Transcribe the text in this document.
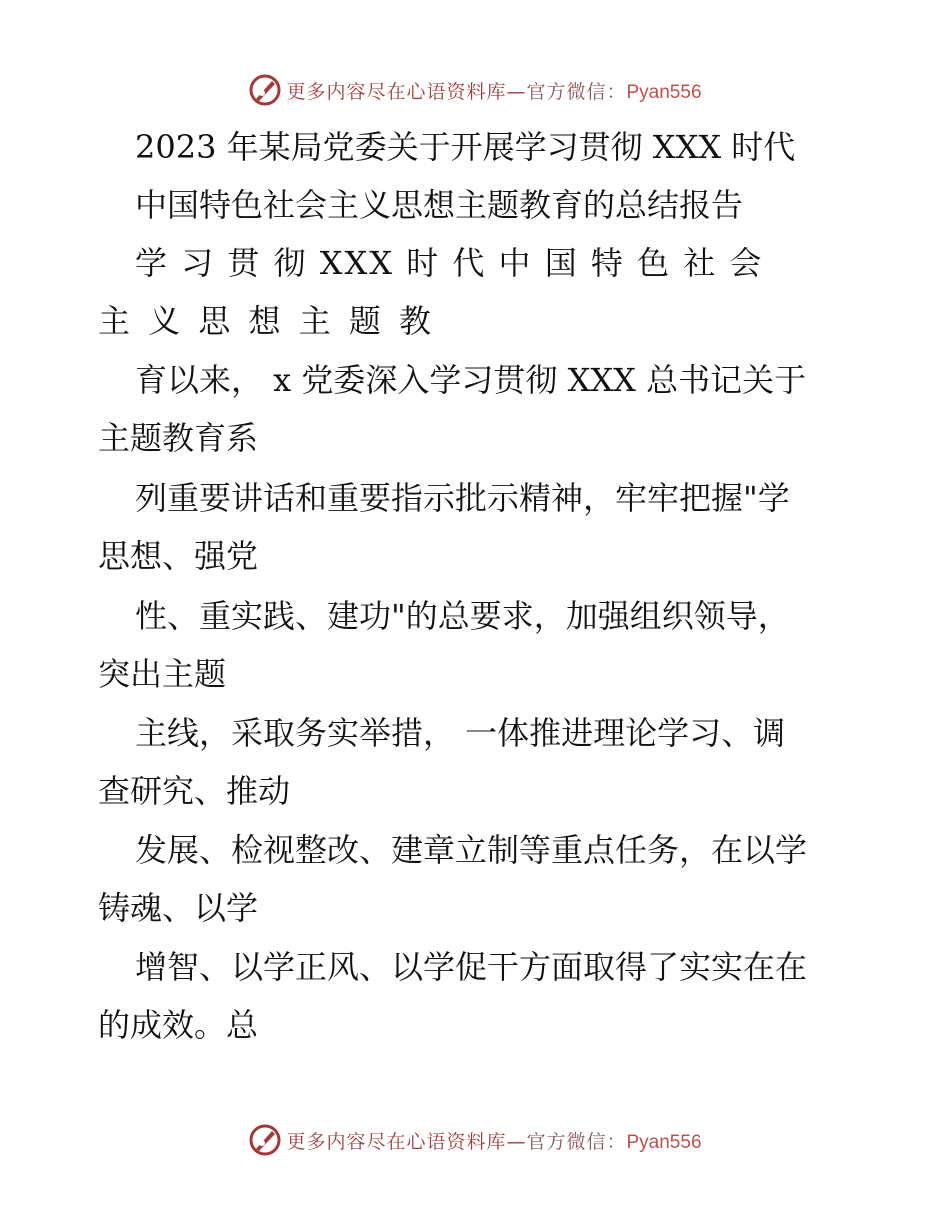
更多内容尽在心语资料库—官方微信：Pyan556
2023 年某局党委关于开展学习贯彻 XXX 时代
中国特色社会主义思想主题教育的总结报告
学 习 贯 彻 XXX 时 代 中 国 特 色 社 会
主 义 思 想 主 题 教
育以来， x 党委深入学习贯彻 XXX 总书记关于
主题教育系
列重要讲话和重要指示批示精神，牢牢把握"学
思想、强党
性、重实践、建功"的总要求，加强组织领导，
突出主题
主线，采取务实举措， 一体推进理论学习、调
查研究、推动
发展、检视整改、建章立制等重点任务，在以学
铸魂、以学
增智、以学正风、以学促干方面取得了实实在在
的成效。总
更多内容尽在心语资料库—官方微信：Pyan556
